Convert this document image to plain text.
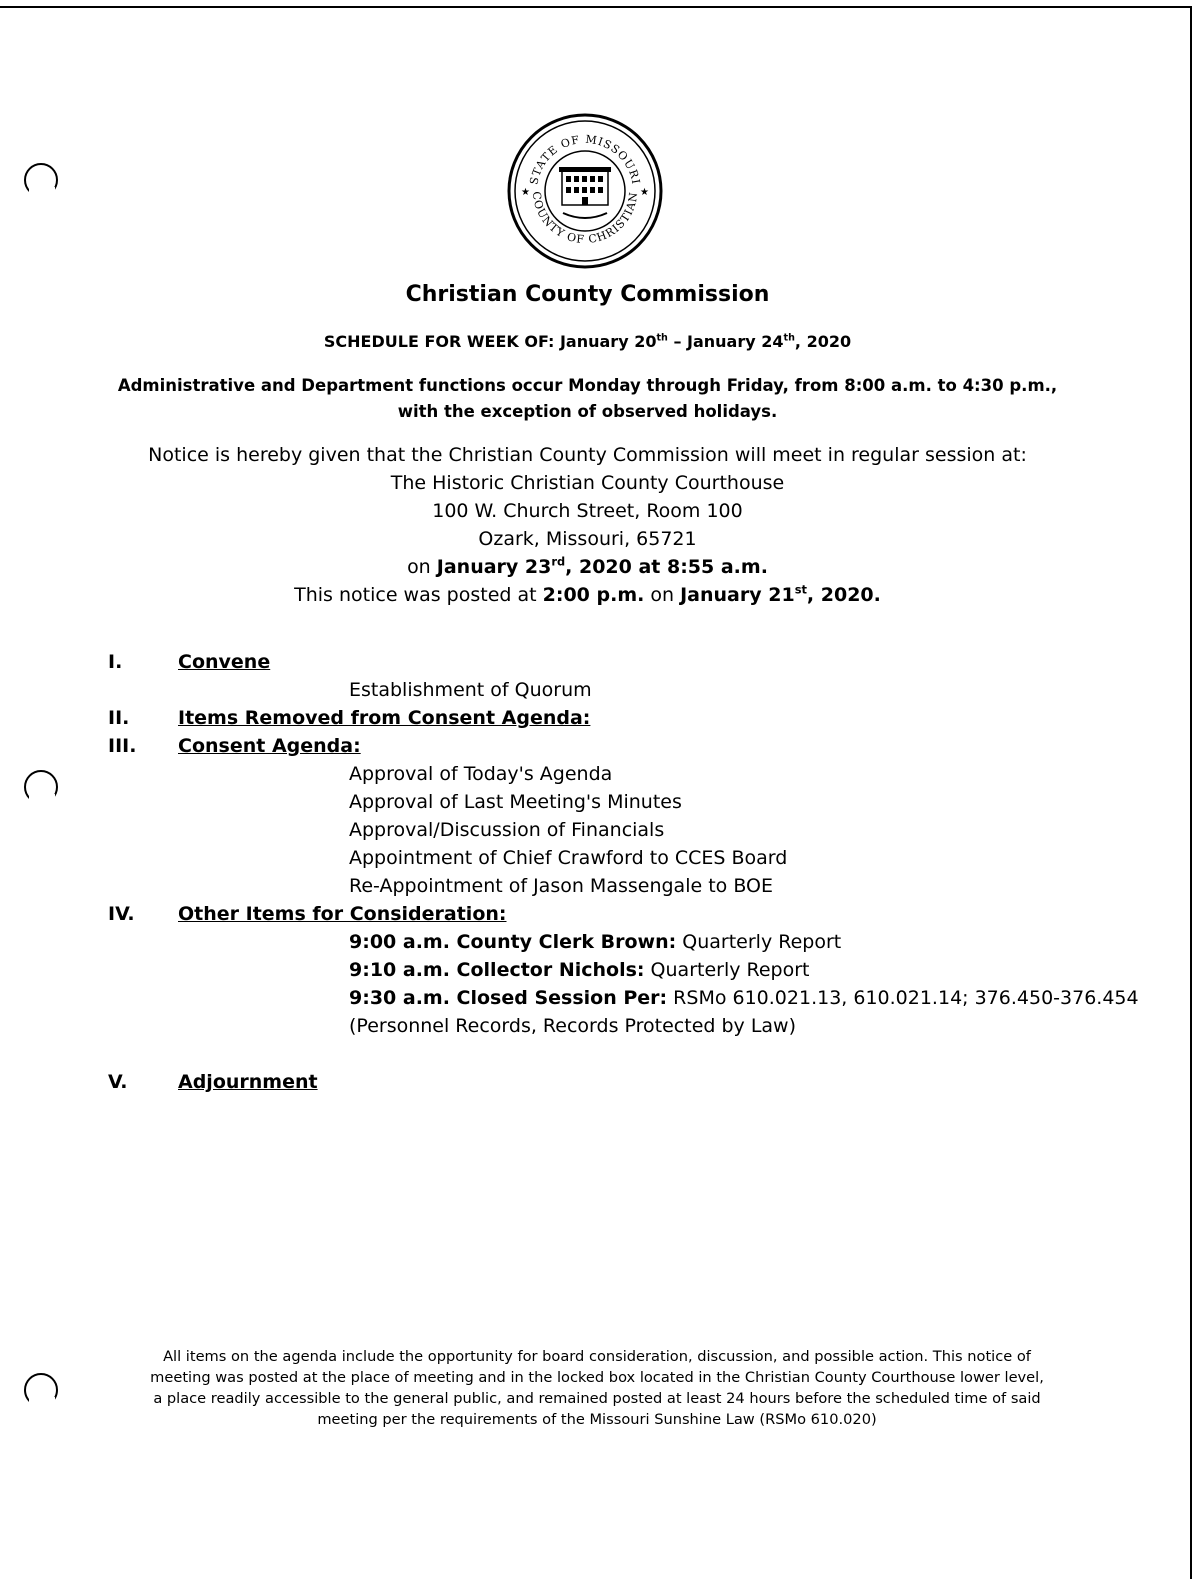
STATE OF MISSOURI
COUNTY OF CHRISTIAN
★	★
Christian County Commission
SCHEDULE FOR WEEK OF: January 20th – January 24th, 2020
Administrative and Department functions occur Monday through Friday, from 8:00 a.m. to 4:30 p.m.,
with the exception of observed holidays.
Notice is hereby given that the Christian County Commission will meet in regular session at:
The Historic Christian County Courthouse
100 W. Church Street, Room 100
Ozark, Missouri, 65721
on January 23rd, 2020 at 8:55 a.m.
This notice was posted at 2:00 p.m. on January 21st, 2020.
I.	Convene
Establishment of Quorum
II.	Items Removed from Consent Agenda:
III. Consent Agenda:
Approval of Today's Agenda
Approval of Last Meeting's Minutes
Approval/Discussion of Financials
Appointment of Chief Crawford to CCES Board
Re-Appointment of Jason Massengale to BOE
IV. Other Items for Consideration:
9:00 a.m. County Clerk Brown: Quarterly Report
9:10 a.m. Collector Nichols: Quarterly Report
9:30 a.m. Closed Session Per: RSMo 610.021.13, 610.021.14; 376.450-376.454
(Personnel Records, Records Protected by Law)
V.	Adjournment
All items on the agenda include the opportunity for board consideration, discussion, and possible action. This notice of
meeting was posted at the place of meeting and in the locked box located in the Christian County Courthouse lower level,
a place readily accessible to the general public, and remained posted at least 24 hours before the scheduled time of said
meeting per the requirements of the Missouri Sunshine Law (RSMo 610.020)
